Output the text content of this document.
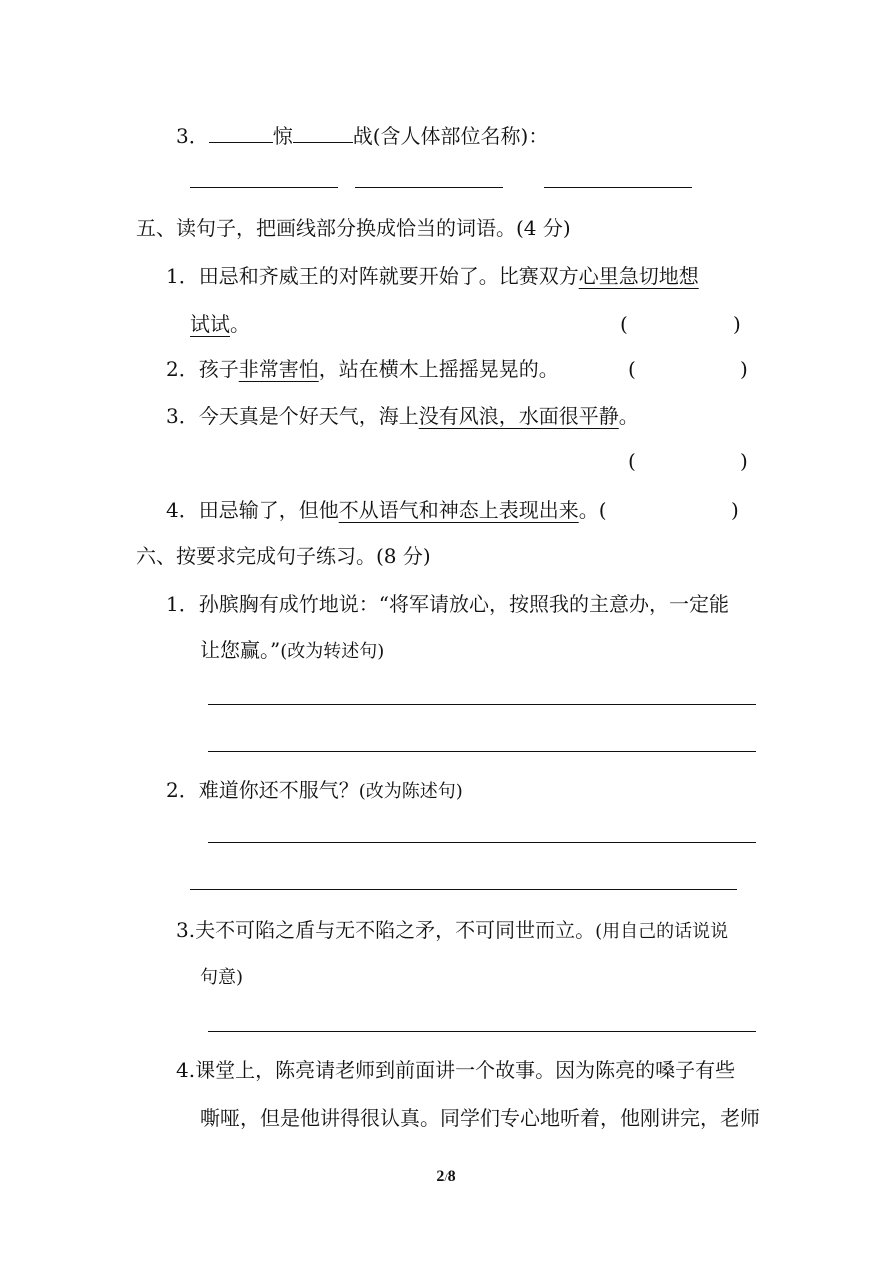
3．	惊	战(含人体部位名称)：
五、读句子，把画线部分换成恰当的词语。(4 分)
1．田忌和齐威王的对阵就要开始了。比赛双方心里急切地想
试试。	(	)
2．孩子非常害怕，站在横木上摇摇晃晃的。	(	)
3．今天真是个好天气，海上没有风浪，水面很平静。
(	)
4．田忌输了，但他不从语气和神态上表现出来。(	)
六、按要求完成句子练习。(8 分)
1．孙膑胸有成竹地说：“将军请放心，按照我的主意办，一定能
让您赢。”(改为转述句)
2．难道你还不服气？(改为陈述句)
3.夫不可陷之盾与无不陷之矛，不可同世而立。(用自己的话说说
句意)
4.课堂上，陈亮请老师到前面讲一个故事。因为陈亮的嗓子有些
嘶哑，但是他讲得很认真。同学们专心地听着，他刚讲完，老师
2/8
